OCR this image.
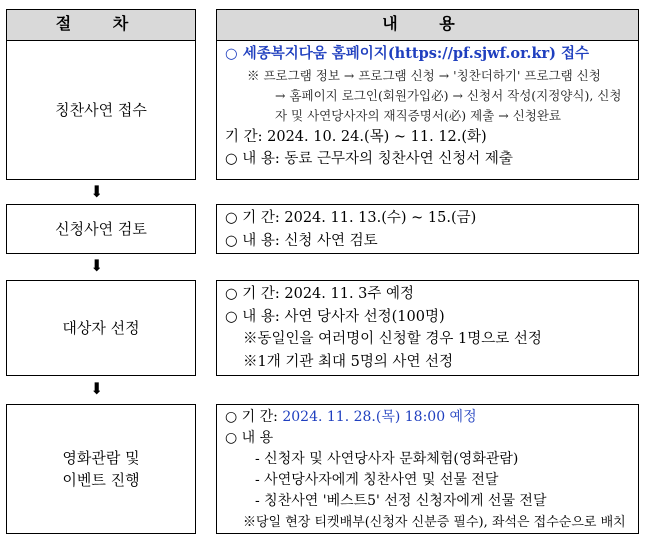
절 차	내 용
칭찬사연 접수
○ 세종복지다움 홈페이지(https://pf.sjwf.or.kr) 접수
※ 프로그램 정보 → 프로그램 신청 → '칭찬더하기' 프로그램 신청
→ 홈페이지 로그인(회원가입必) → 신청서 작성(지정양식), 신청
자 및 사연당사자의 재직증명서(必) 제출 → 신청완료
기 간: 2024. 10. 24.(목) ~ 11. 12.(화)
○ 내 용: 동료 근무자의 칭찬사연 신청서 제출
⬇
신청사연 검토
○ 기 간: 2024. 11. 13.(수) ~ 15.(금)
○ 내 용: 신청 사연 검토
⬇
대상자 선정
○ 기 간: 2024. 11. 3주 예정
○ 내 용: 사연 당사자 선정(100명)
※동일인을 여러명이 신청할 경우 1명으로 선정
※1개 기관 최대 5명의 사연 선정
⬇
영화관람 및
이벤트 진행
○ 기 간: 2024. 11. 28.(목) 18:00 예정
○ 내 용
- 신청자 및 사연당사자 문화체험(영화관람)
- 사연당사자에게 칭찬사연 및 선물 전달
- 칭찬사연 '베스트5' 선정 신청자에게 선물 전달
※당일 현장 티켓배부(신청자 신분증 필수), 좌석은 접수순으로 배치
